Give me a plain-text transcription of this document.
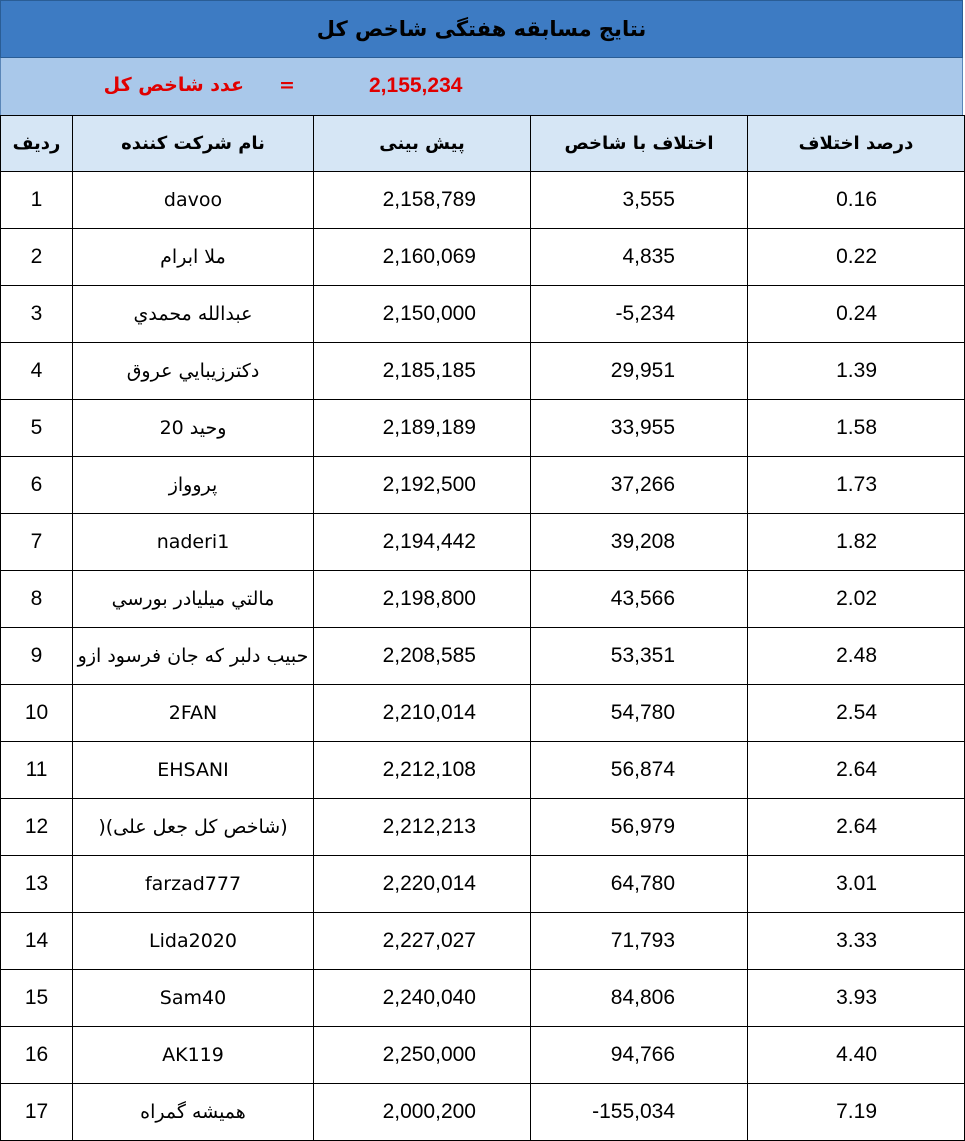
نتایج مسابقه هفتگی شاخص کل
عدد شاخص کل =	2,155,234
ردیف	نام شرکت کننده	پیش بینی	اختلاف با شاخص	درصد اختلاف
1	davoo	2,158,789	3,555	0.16
2	ملا ابرام	2,160,069	4,835	0.22
3	عبدالله محمدي	2,150,000	-5,234	0.24
4	دكترزيبايي عروق	2,185,185	29,951	1.39
5	وحيد 20	2,189,189	33,955	1.58
6	پروواز	2,192,500	37,266	1.73
7	naderi1	2,194,442	39,208	1.82
8	مالتي ميليادر بورسي	2,198,800	43,566	2.02
9	حبيب دلبر كه جان فرسود ازو	2,208,585	53,351	2.48
10	2FAN	2,210,014	54,780	2.54
11	EHSANI	2,212,108	56,874	2.64
12	(شاخص کل جعل علی)(	2,212,213	56,979	2.64
13	farzad777	2,220,014	64,780	3.01
14	Lida2020	2,227,027	71,793	3.33
15	Sam40	2,240,040	84,806	3.93
16	AK119	2,250,000	94,766	4.40
17	همیشه گمراه	2,000,200	-155,034	7.19
